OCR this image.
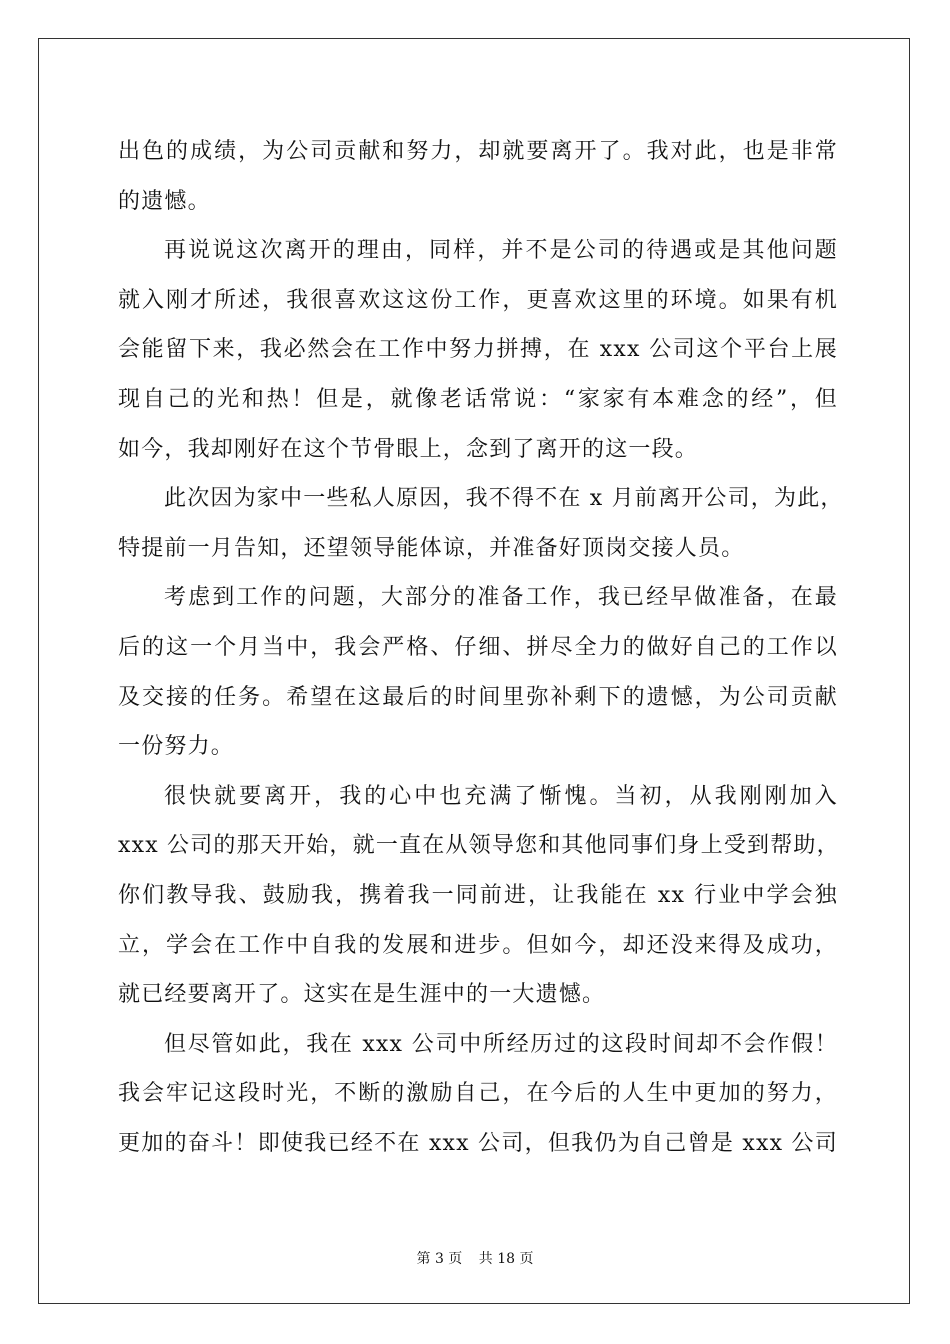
出色的成绩，为公司贡献和努力，却就要离开了。我对此，也是非常
的遗憾。
再说说这次离开的理由，同样，并不是公司的待遇或是其他问题
就入刚才所述，我很喜欢这这份工作，更喜欢这里的环境。如果有机
会能留下来，我必然会在工作中努力拼搏，在 xxx 公司这个平台上展
现自己的光和热！但是，就像老话常说：“家家有本难念的经”，但
如今，我却刚好在这个节骨眼上，念到了离开的这一段。
此次因为家中一些私人原因，我不得不在 x 月前离开公司，为此，
特提前一月告知，还望领导能体谅，并准备好顶岗交接人员。
考虑到工作的问题，大部分的准备工作，我已经早做准备，在最
后的这一个月当中，我会严格、仔细、拼尽全力的做好自己的工作以
及交接的任务。希望在这最后的时间里弥补剩下的遗憾，为公司贡献
一份努力。
很快就要离开，我的心中也充满了惭愧。当初，从我刚刚加入
xxx 公司的那天开始，就一直在从领导您和其他同事们身上受到帮助，
你们教导我、鼓励我，携着我一同前进，让我能在 xx 行业中学会独
立，学会在工作中自我的发展和进步。但如今，却还没来得及成功，
就已经要离开了。这实在是生涯中的一大遗憾。
但尽管如此，我在 xxx 公司中所经历过的这段时间却不会作假！
我会牢记这段时光，不断的激励自己，在今后的人生中更加的努力，
更加的奋斗！即使我已经不在 xxx 公司，但我仍为自己曾是 xxx 公司
第 3 页 共 18 页
